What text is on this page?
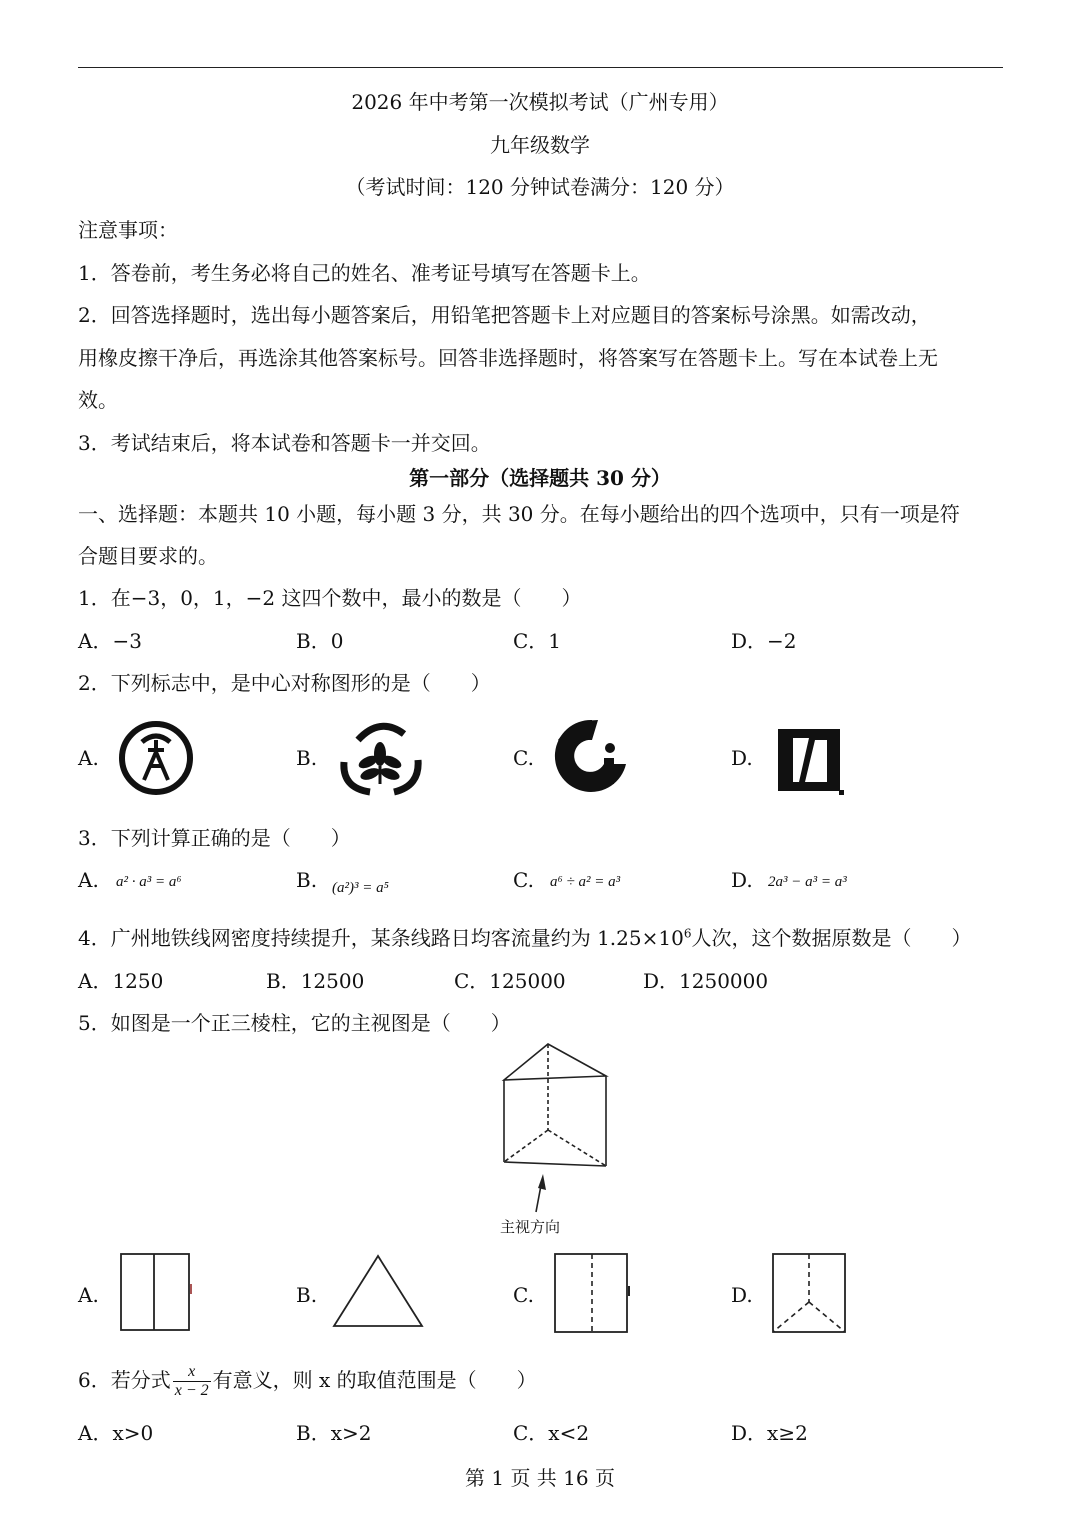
2026 年中考第一次模拟考试（广州专用）
九年级数学
（考试时间：120 分钟试卷满分：120 分）
注意事项：
1．答卷前，考生务必将自己的姓名、准考证号填写在答题卡上。
2．回答选择题时，选出每小题答案后，用铅笔把答题卡上对应题目的答案标号涂黑。如需改动，
用橡皮擦干净后，再选涂其他答案标号。回答非选择题时，将答案写在答题卡上。写在本试卷上无
效。
3．考试结束后，将本试卷和答题卡一并交回。
第一部分（选择题共 30 分）
一、选择题：本题共 10 小题，每小题 3 分，共 30 分。在每小题给出的四个选项中，只有一项是符
合题目要求的。
1．在−3，0，1，−2 这四个数中，最小的数是（　　）
A．−3	B．0	C．1	D．−2
2．下列标志中，是中心对称图形的是（　　）
A.	B.	C.	D.
3．下列计算正确的是（　　）
A.	B.	C.	D.
a² · a³ = a⁶	(a²)³ = a⁵	a⁶ ÷ a² = a³	2a³ − a³ = a³
4．广州地铁线网密度持续提升，某条线路日均客流量约为 $1.25\times 10^6$人次，这个数据原数是（　　）
A．1250	B．12500	C．125000	D．1250000
5．如图是一个正三棱柱，它的主视图是（　　）
主视方向
A.	B.	C.	D.
6．若分式 $\frac{x}{x - 2}$ 有意义，则 x 的取值范围是（　　）
A．x>0	B．x>2	C．x<2	D．x≥2
第 1 页 共 16 页
